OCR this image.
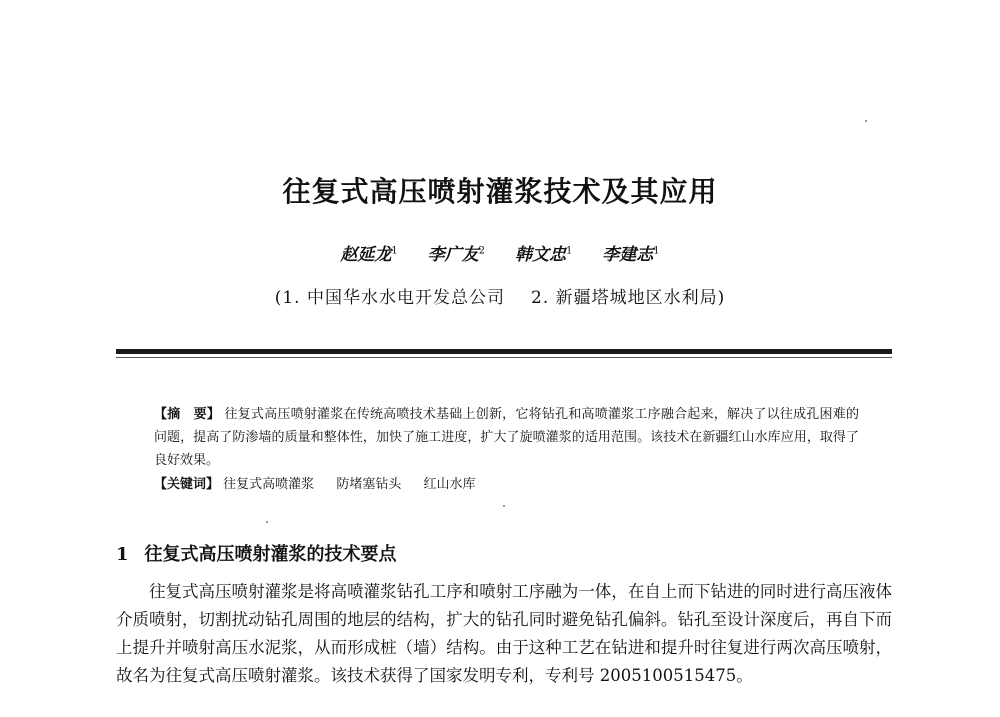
往复式高压喷射灌浆技术及其应用
赵延龙$^1$ 李广友$^2$ 韩文忠$^1$ 李建志$^1$
(1. 中国华水水电开发总公司 2. 新疆塔城地区水利局)
【摘　要】 往复式高压喷射灌浆在传统高喷技术基础上创新，它将钻孔和高喷灌浆工序融合起来，解决了以往成孔困难的问题，提高了防渗墙的质量和整体性，加快了施工进度，扩大了旋喷灌浆的适用范围。该技术在新疆红山水库应用，取得了良好效果。
【关键词】 往复式高喷灌浆 防堵塞钻头 红山水库
1 往复式高压喷射灌浆的技术要点
往复式高压喷射灌浆是将高喷灌浆钻孔工序和喷射工序融为一体，在自上而下钻进的同时进行高压液体介质喷射，切割扰动钻孔周围的地层的结构，扩大的钻孔同时避免钻孔偏斜。钻孔至设计深度后，再自下而上提升并喷射高压水泥浆，从而形成桩（墙）结构。由于这种工艺在钻进和提升时往复进行两次高压喷射，故名为往复式高压喷射灌浆。该技术获得了国家发明专利，专利号 2005100515475。
